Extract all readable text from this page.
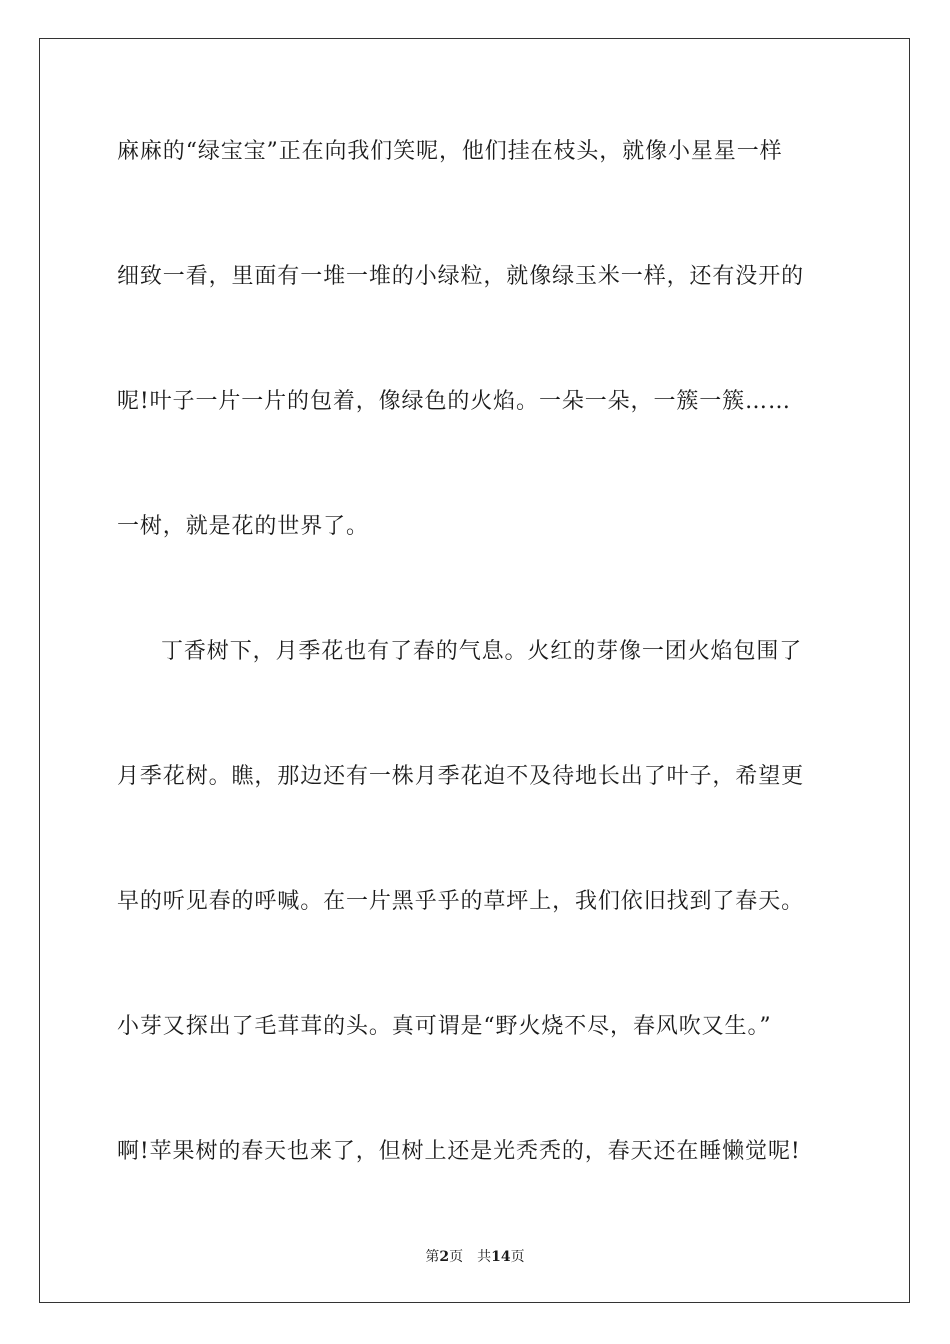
麻麻的“绿宝宝”正在向我们笑呢，他们挂在枝头，就像小星星一样
细致一看，里面有一堆一堆的小绿粒，就像绿玉米一样，还有没开的
呢!叶子一片一片的包着，像绿色的火焰。一朵一朵，一簇一簇……
一树，就是花的世界了。
丁香树下，月季花也有了春的气息。火红的芽像一团火焰包围了
月季花树。瞧，那边还有一株月季花迫不及待地长出了叶子，希望更
早的听见春的呼喊。在一片黑乎乎的草坪上，我们依旧找到了春天。
小芽又探出了毛茸茸的头。真可谓是“野火烧不尽，春风吹又生。”
啊!苹果树的春天也来了，但树上还是光秃秃的，春天还在睡懒觉呢!
第2页 共14页
